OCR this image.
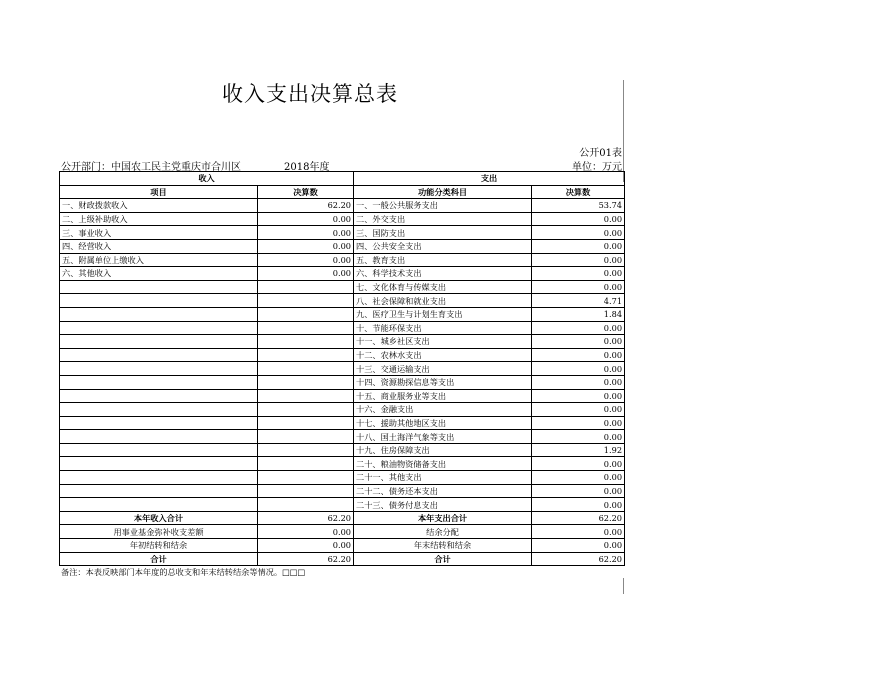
收入支出决算总表
公开01表
公开部门：中国农工民主党重庆市合川区	2018年度	单位：万元
收入		支出	
项目	决算数	功能分类科目	决算数
一、财政拨款收入	62.20	一、一般公共服务支出	53.74
二、上级补助收入	0.00	二、外交支出	0.00
三、事业收入	0.00	三、国防支出	0.00
四、经营收入	0.00	四、公共安全支出	0.00
五、附属单位上缴收入	0.00	五、教育支出	0.00
六、其他收入	0.00	六、科学技术支出	0.00
		七、文化体育与传媒支出	0.00
		八、社会保障和就业支出	4.71
		九、医疗卫生与计划生育支出	1.84
		十、节能环保支出	0.00
		十一、城乡社区支出	0.00
		十二、农林水支出	0.00
		十三、交通运输支出	0.00
		十四、资源勘探信息等支出	0.00
		十五、商业服务业等支出	0.00
		十六、金融支出	0.00
		十七、援助其他地区支出	0.00
		十八、国土海洋气象等支出	0.00
		十九、住房保障支出	1.92
		二十、粮油物资储备支出	0.00
		二十一、其他支出	0.00
		二十二、债务还本支出	0.00
		二十三、债务付息支出	0.00
本年收入合计	62.20	本年支出合计	62.20
用事业基金弥补收支差额	0.00	结余分配	0.00
年初结转和结余	0.00	年末结转和结余	0.00
合计	62.20	合计	62.20
备注：本表反映部门本年度的总收支和年末结转结余等情况。□□□
